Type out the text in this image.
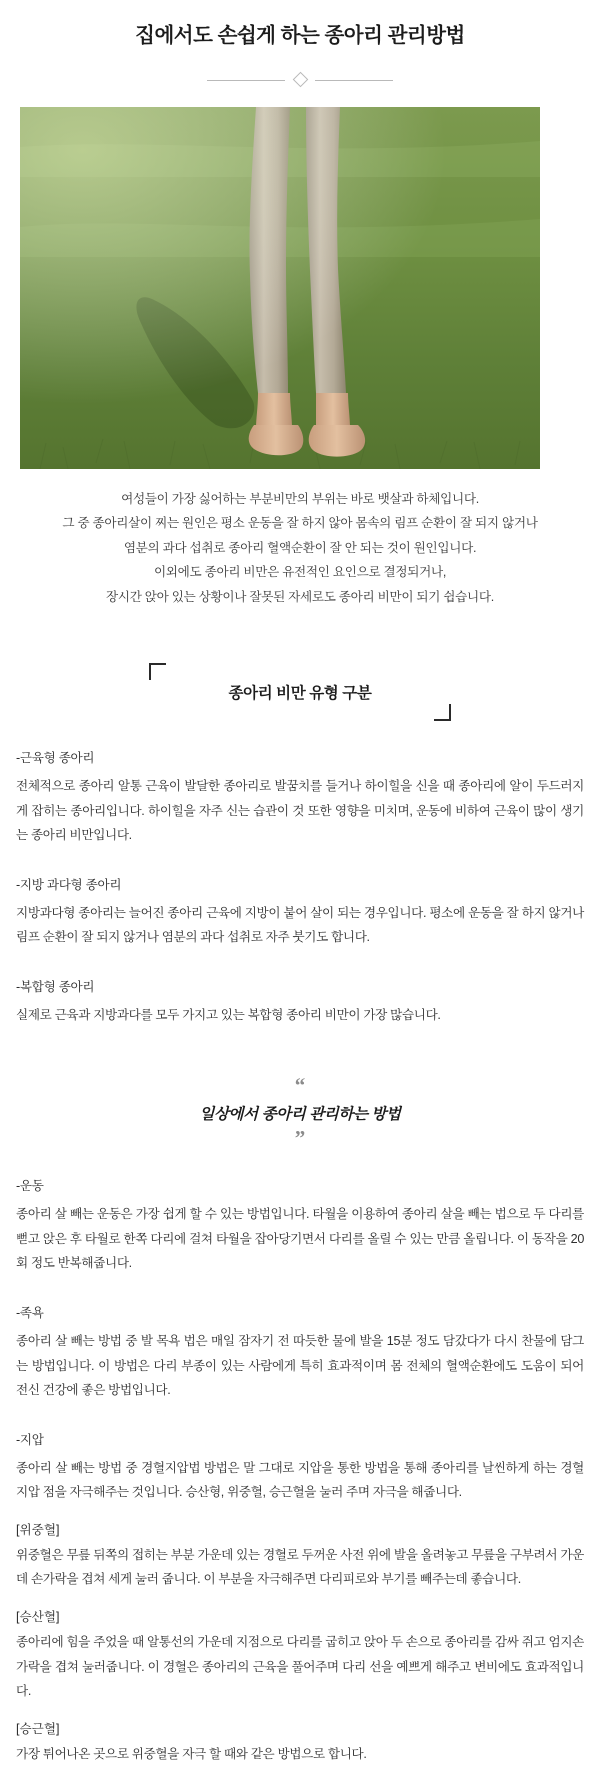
집에서도 손쉽게 하는 종아리 관리방법

여성들이 가장 싫어하는 부분비만의 부위는 바로 뱃살과 하체입니다.

그 중 종아리살이 찌는 원인은 평소 운동을 잘 하지 않아 몸속의 림프 순환이 잘 되지 않거나

염분의 과다 섭취로 종아리 혈액순환이 잘 안 되는 것이 원인입니다.

이외에도 종아리 비만은 유전적인 요인으로 결정되거나,

장시간 앉아 있는 상황이나 잘못된 자세로도 종아리 비만이 되기 쉽습니다.

종아리 비만 유형 구분

-근육형 종아리

전체적으로 종아리 알통 근육이 발달한 종아리로 발꿈치를 들거나 하이힐을 신을 때 종아리에 알이 두드러지게 잡히는 종아리입니다. 하이힐을 자주 신는 습관이 것 또한 영향을 미치며, 운동에 비하여 근육이 많이 생기는 종아리 비만입니다.

-지방 과다형 종아리

지방과다형 종아리는 늘어진 종아리 근육에 지방이 붙어 살이 되는 경우입니다. 평소에 운동을 잘 하지 않거나 림프 순환이 잘 되지 않거나 염분의 과다 섭취로 자주 붓기도 합니다.

-복합형 종아리

실제로 근육과 지방과다를 모두 가지고 있는 복합형 종아리 비만이 가장 많습니다.

“
일상에서 종아리 관리하는 방법
”

-운동

종아리 살 빼는 운동은 가장 쉽게 할 수 있는 방법입니다. 타월을 이용하여 종아리 살을 빼는 법으로 두 다리를 뻗고 앉은 후 타월로 한쪽 다리에 걸쳐 타월을 잡아당기면서 다리를 올릴 수 있는 만큼 올립니다. 이 동작을 20회 정도 반복해줍니다.

-족욕

종아리 살 빼는 방법 중 발 목욕 법은 매일 잠자기 전 따듯한 물에 발을 15분 정도 담갔다가 다시 찬물에 담그는 방법입니다. 이 방법은 다리 부종이 있는 사람에게 특히 효과적이며 몸 전체의 혈액순환에도 도움이 되어 전신 건강에 좋은 방법입니다.

-지압

종아리 살 빼는 방법 중 경혈지압법 방법은 말 그대로 지압을 통한 방법을 통해 종아리를 날씬하게 하는 경혈 지압 점을 자극해주는 것입니다. 승산형, 위중혈, 승근혈을 눌러 주며 자극을 해줍니다.

[위중혈]

위중혈은 무릎 뒤쪽의 접히는 부분 가운데 있는 경혈로 두꺼운 사전 위에 발을 올려놓고 무릎을 구부려서 가운데 손가락을 겹쳐 세게 눌러 줍니다. 이 부분을 자극해주면 다리피로와 부기를 빼주는데 좋습니다.

[승산혈]

종아리에 힘을 주었을 때 알통선의 가운데 지점으로 다리를 굽히고 앉아 두 손으로 종아리를 감싸 쥐고 엄지손가락을 겹쳐 눌러줍니다. 이 경혈은 종아리의 근육을 풀어주며 다리 선을 예쁘게 해주고 변비에도 효과적입니다.

[승근혈]

가장 튀어나온 곳으로 위중혈을 자극 할 때와 같은 방법으로 합니다.
